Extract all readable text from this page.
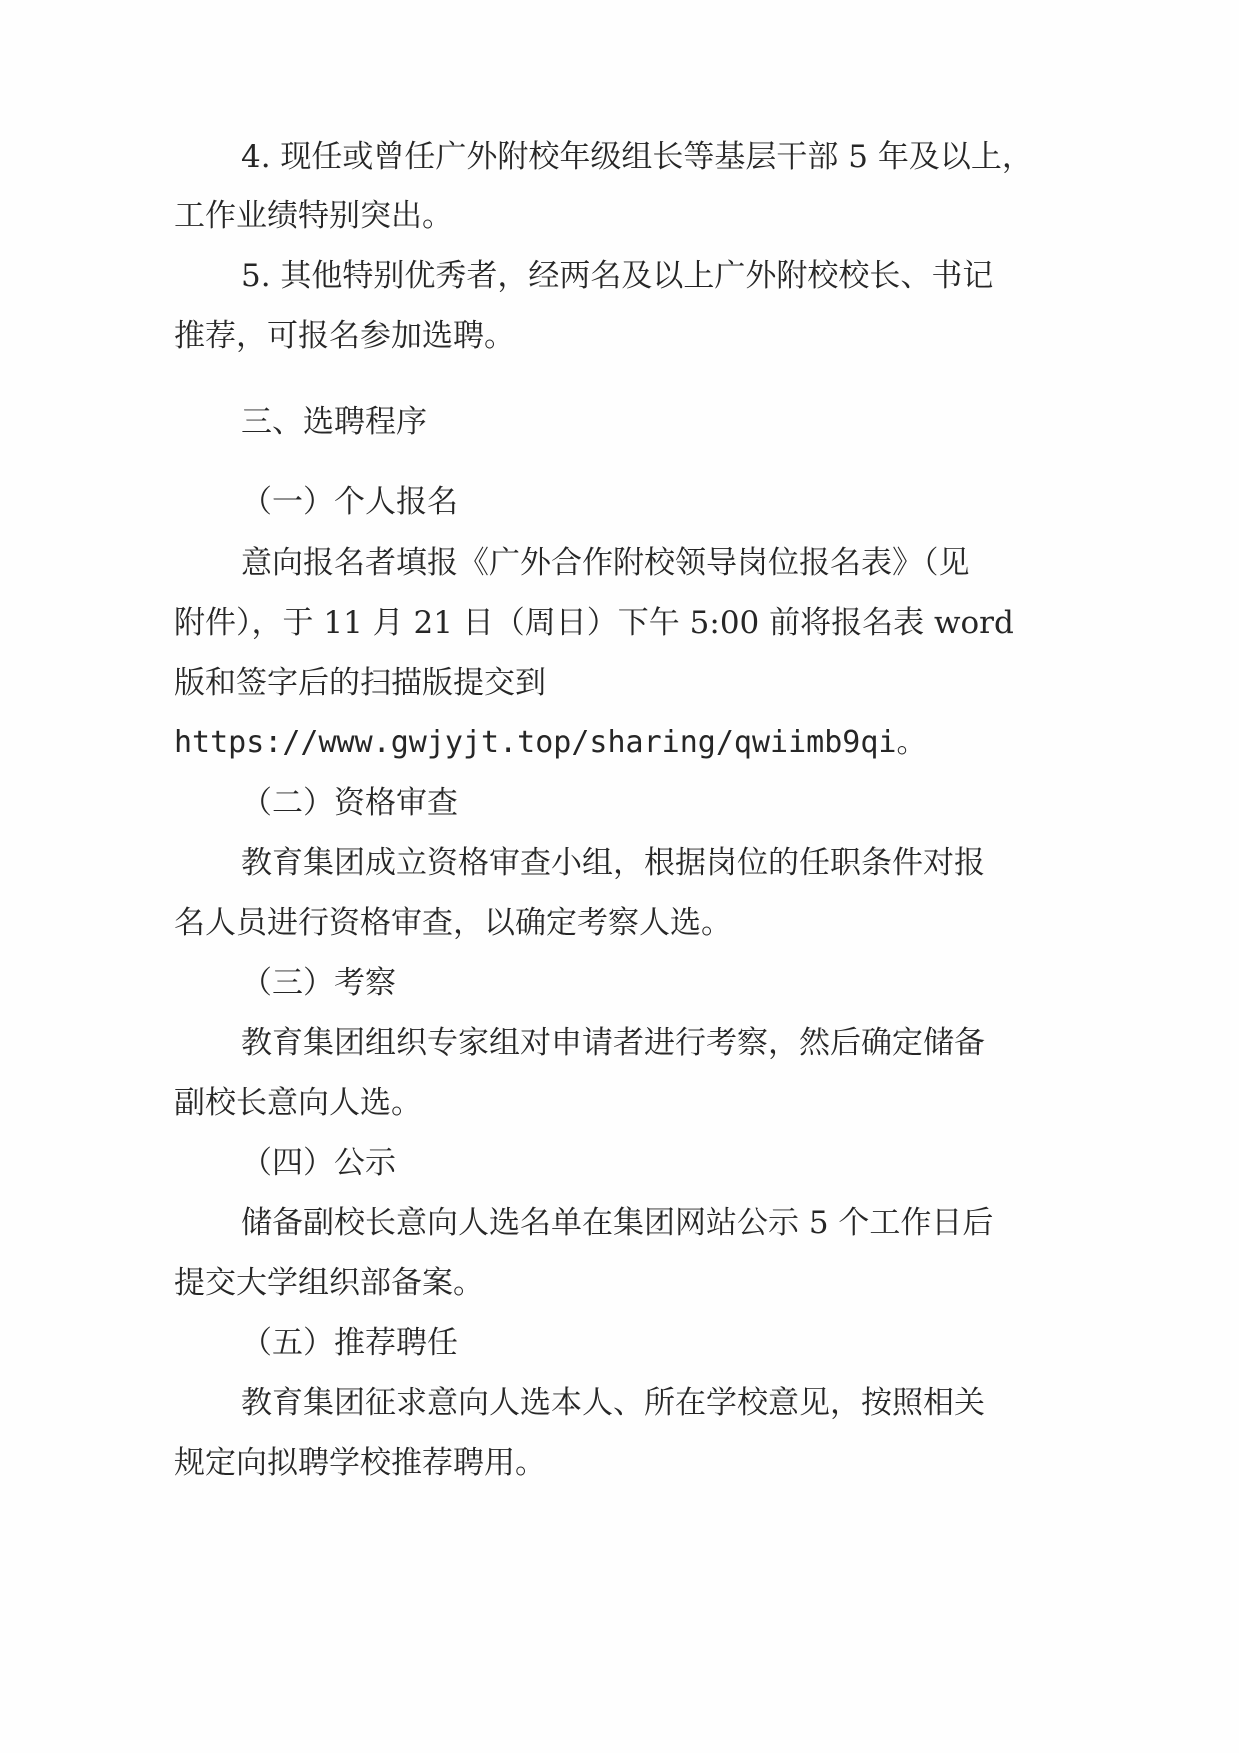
4. 现任或曾任广外附校年级组长等基层干部 5 年及以上，
工作业绩特别突出。
5. 其他特别优秀者，经两名及以上广外附校校长、书记
推荐，可报名参加选聘。
三、选聘程序
（一）个人报名
意向报名者填报《广外合作附校领导岗位报名表》（见
附件），于 11 月 21 日（周日）下午 5:00 前将报名表 word
版和签字后的扫描版提交到
https://www.gwjyjt.top/sharing/qwiimb9qi。
（二）资格审查
教育集团成立资格审查小组，根据岗位的任职条件对报
名人员进行资格审查，以确定考察人选。
（三）考察
教育集团组织专家组对申请者进行考察，然后确定储备
副校长意向人选。
（四）公示
储备副校长意向人选名单在集团网站公示 5 个工作日后
提交大学组织部备案。
（五）推荐聘任
教育集团征求意向人选本人、所在学校意见，按照相关
规定向拟聘学校推荐聘用。
